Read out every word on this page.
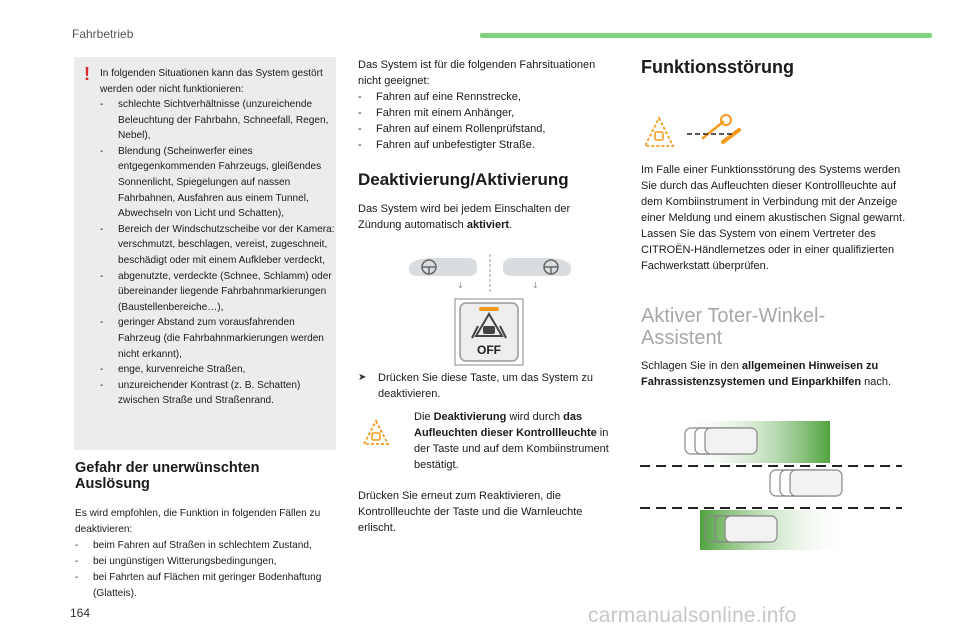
Fahrbetrieb
! In folgenden Situationen kann das System gestört werden oder nicht funktionieren:
- schlechte Sichtverhältnisse (unzureichende Beleuchtung der Fahrbahn, Schneefall, Regen, Nebel),
- Blendung (Scheinwerfer eines entgegenkommenden Fahrzeugs, gleißendes Sonnenlicht, Spiegelungen auf nassen Fahrbahnen, Ausfahren aus einem Tunnel, Abwechseln von Licht und Schatten),
- Bereich der Windschutzscheibe vor der Kamera: verschmutzt, beschlagen, vereist, zugeschneit, beschädigt oder mit einem Aufkleber verdeckt,
- abgenutzte, verdeckte (Schnee, Schlamm) oder übereinander liegende Fahrbahnmarkierungen (Baustellenbereiche…),
- geringer Abstand zum vorausfahrenden Fahrzeug (die Fahrbahnmarkierungen werden nicht erkannt),
- enge, kurvenreiche Straßen,
- unzureichender Kontrast (z. B. Schatten) zwischen Straße und Straßenrand.
Gefahr der unerwünschten Auslösung
Es wird empfohlen, die Funktion in folgenden Fällen zu deaktivieren:
- beim Fahren auf Straßen in schlechtem Zustand,
- bei ungünstigen Witterungsbedingungen,
- bei Fahrten auf Flächen mit geringer Bodenhaftung (Glatteis).
Das System ist für die folgenden Fahrsituationen nicht geeignet:
- Fahren auf eine Rennstrecke,
- Fahren mit einem Anhänger,
- Fahren auf einem Rollenprüfstand,
- Fahren auf unbefestigter Straße.
Deaktivierung/Aktivierung
Das System wird bei jedem Einschalten der Zündung automatisch aktiviert.
↓	↓
OFF
➤ Drücken Sie diese Taste, um das System zu deaktivieren.
Die Deaktivierung wird durch das Aufleuchten dieser Kontrollleuchte in der Taste und auf dem Kombiinstrument bestätigt.
Drücken Sie erneut zum Reaktivieren, die Kontrollleuchte der Taste und die Warnleuchte erlischt.
Funktionsstörung
Im Falle einer Funktionsstörung des Systems werden Sie durch das Aufleuchten dieser Kontrollleuchte auf dem Kombiinstrument in Verbindung mit der Anzeige einer Meldung und einem akustischen Signal gewarnt. Lassen Sie das System von einem Vertreter des CITROËN-Händlernetzes oder in einer qualifizierten Fachwerkstatt überprüfen.
Aktiver Toter-Winkel-Assistent
Schlagen Sie in den allgemeinen Hinweisen zu Fahrassistenzsystemen und Einparkhilfen nach.
164	carmanualsonline.info
